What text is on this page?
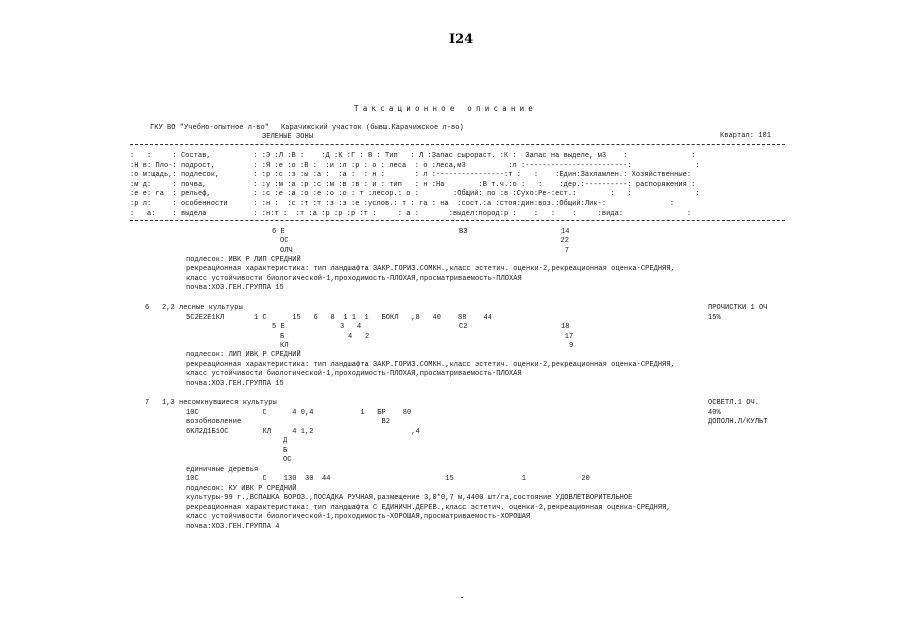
I24
Таксационное описание
ГКУ ВО "Учебно-опытное л-во" Карачижский участок (бывш.Карачижское л-во)
ЗЕЛЕНЫЕ ЗОНЫ	Квартал: 101
:   :     : Состав,          : :Э :Л :В :    :Д :К :Г : В : Тип   : Л :Запас сырораст. :К :  Запас на выделе, м3    :               :
:Н в: Пло-: подрост,         : :Я :е :о :В :  :и :л :р : о : леса  : о :леса,м3          :л :------------------------:               :
:о м:щадь,: подлесок,        : :р :с :з :ы :а :  :а :  : н :       : л :----------------:т :   :    :Един:Захламлен.: Хозяйственные:
:м д:     : почва,           : :у :м :а :р :с :м :в :в : и : тип   : н :На        :В т.ч.:о :   :    :дер.:----------: распоряжения :
:е е: га  : рельеф,          : :с :е :а :о :е :о :о : т :лесор.: о :        :Общий: по :в :Сухо:Ре-:ест.:        :   :               :
:р л:     : особенности      : :н :  :с :т :т :з :з :е :услов.: т : га : на  :сост.:а :стоя:дин:воз.:Общий:Лик-:               :
:   а:    : выдела           : :н:т :  :т :а :р :р :р :т :     : а :       :выдел:пород:р :    :   :    :     :вида:               :
6 Е                                         ВЗ                      14
ОС                                                                22
ОЛЧ                                                                7
подлесок: ИВК Р ЛИП СРЕДНИЙ
рекреационная характеристика: тип ландшафта ЗАКР.ГОРИЗ.СОМКН.,класс эстетич. оценки-2,рекреационная оценка-СРЕДНЯЯ,
класс устойчивости биологической-1,проходимость-ПЛОХАЯ,просматриваемость-ПЛОХАЯ
почва:ХОЗ.ГЕН.ГРУППА 15
6   2,2 лесные культуры	ПРОЧИСТКИ 1 ОЧ
5С2Е2Е1КЛ       1 С      15   6   8  1 1  1   БОКЛ   ,8   40    88    44	15%
5 Е             3   4                       С2                      18
Б               4   2                                              17
КЛ                                                                  9
подлесок: ЛИП ИВК Р СРЕДНИЙ
рекреационная характеристика: тип ландшафта ЗАКР.ГОРИЗ.СОМКН.,класс эстетич. оценки-2,рекреационная оценка-СРЕДНЯЯ,
класс устойчивости биологической-1,проходимость-ПЛОХАЯ,просматриваемость-ПЛОХАЯ
почва:ХОЗ.ГЕН.ГРУППА 15
7   1,3 несомкнувшиеся культуры	ОСВЕТЛ.1 ОЧ.
10С               С      4 0,4           1   БР    80	40%
возобновление                                 В2	ДОПОЛН.Л/КУЛЬТ
6КЛ2Д1Б1ОС        КЛ     4 1,2                       ,4
Д
Б
ОС
единичные деревья
10С               С    130  30  44                           15                1             20
подлесок: КУ ИВК Р СРЕДНИЙ
культуры-99 г.,ВСПАШКА БОРОЗ.,ПОСАДКА РУЧНАЯ,размещение 3,0*0,7 м,4400 шт/га,состояние УДОВЛЕТВОРИТЕЛЬНОЕ
рекреационная характеристика: тип ландшафта С ЕДИНИЧН.ДЕРЕВ.,класс эстетич. оценки-2,рекреационная оценка-СРЕДНЯЯ,
класс устойчивости биологической-1,проходимость-ХОРОШАЯ,просматриваемость-ХОРОШАЯ
почва:ХОЗ.ГЕН.ГРУППА 4
